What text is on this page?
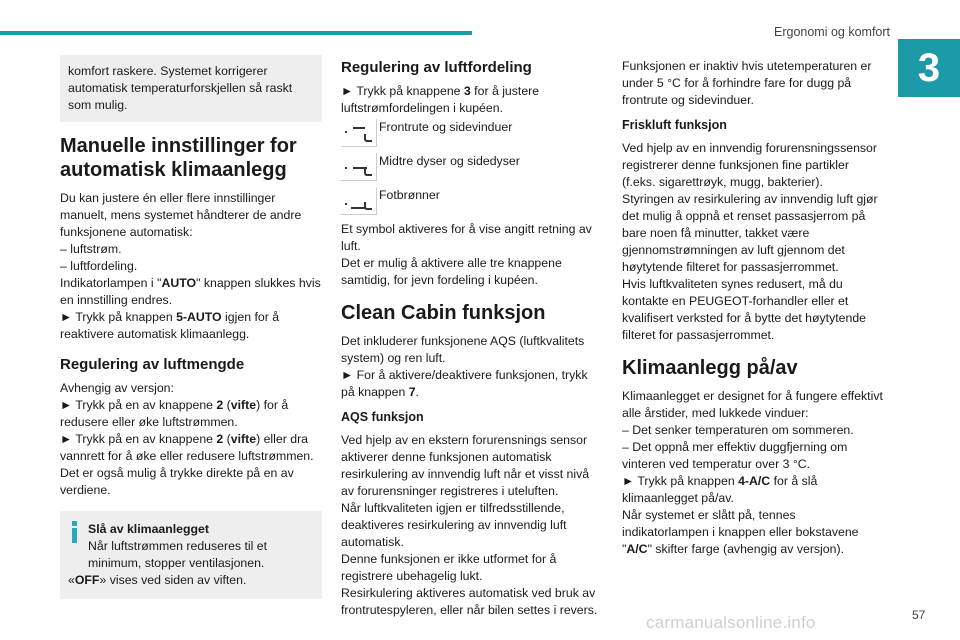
Ergonomi og komfort
3

komfort raskere. Systemet korrigerer automatisk temperaturforskjellen så raskt som mulig.

Manuelle innstillinger for automatisk klimaanlegg

Du kan justere én eller flere innstillinger manuelt, mens systemet håndterer de andre funksjonene automatisk:

– luftstrøm.

– luftfordeling.

Indikatorlampen i "AUTO" knappen slukkes hvis en innstilling endres.

► Trykk på knappen 5-AUTO igjen for å reaktivere automatisk klimaanlegg.

Regulering av luftmengde

Avhengig av versjon:

► Trykk på en av knappene 2 (vifte) for å redusere eller øke luftstrømmen.

► Trykk på en av knappene 2 (vifte) eller dra vannrett for å øke eller redusere luftstrømmen.

Det er også mulig å trykke direkte på en av verdiene.

Slå av klimaanlegget

Når luftstrømmen reduseres til et minimum, stopper ventilasjonen.

«OFF» vises ved siden av viften.

Regulering av luftfordeling

► Trykk på knappene 3 for å justere luftstrømfordelingen i kupéen.

Frontrute og sidevinduer
Midtre dyser og sidedyser
Fotbrønner

Et symbol aktiveres for å vise angitt retning av luft.

Det er mulig å aktivere alle tre knappene samtidig, for jevn fordeling i kupéen.

Clean Cabin funksjon

Det inkluderer funksjonene AQS (luftkvalitets system) og ren luft.

► For å aktivere/deaktivere funksjonen, trykk på knappen 7.

AQS funksjon

Ved hjelp av en ekstern forurensnings sensor aktiverer denne funksjonen automatisk resirkulering av innvendig luft når et visst nivå av forurensninger registreres i uteluften.

Når luftkvaliteten igjen er tilfredsstillende, deaktiveres resirkulering av innvendig luft automatisk.

Denne funksjonen er ikke utformet for å registrere ubehagelig lukt.

Resirkulering aktiveres automatisk ved bruk av frontrutespyleren, eller når bilen settes i revers.

Funksjonen er inaktiv hvis utetemperaturen er under 5 °C for å forhindre fare for dugg på frontrute og sidevinduer.

Friskluft funksjon

Ved hjelp av en innvendig forurensningssensor registrerer denne funksjonen fine partikler (f.eks. sigarettrøyk, mugg, bakterier).

Styringen av resirkulering av innvendig luft gjør det mulig å oppnå et renset passasjerrom på bare noen få minutter, takket være gjennomstrømningen av luft gjennom det høytytende filteret for passasjerrommet.

Hvis luftkvaliteten synes redusert, må du kontakte en PEUGEOT-forhandler eller et kvalifisert verksted for å bytte det høytytende filteret for passasjerrommet.

Klimaanlegg på/av

Klimaanlegget er designet for å fungere effektivt alle årstider, med lukkede vinduer:

– Det senker temperaturen om sommeren.

– Det oppnå mer effektiv duggfjerning om vinteren ved temperatur over 3 °C.

► Trykk på knappen 4-A/C for å slå klimaanlegget på/av.

Når systemet er slått på, tennes indikatorlampen i knappen eller bokstavene "A/C" skifter farge (avhengig av versjon).

carmanualsonline.info	57
